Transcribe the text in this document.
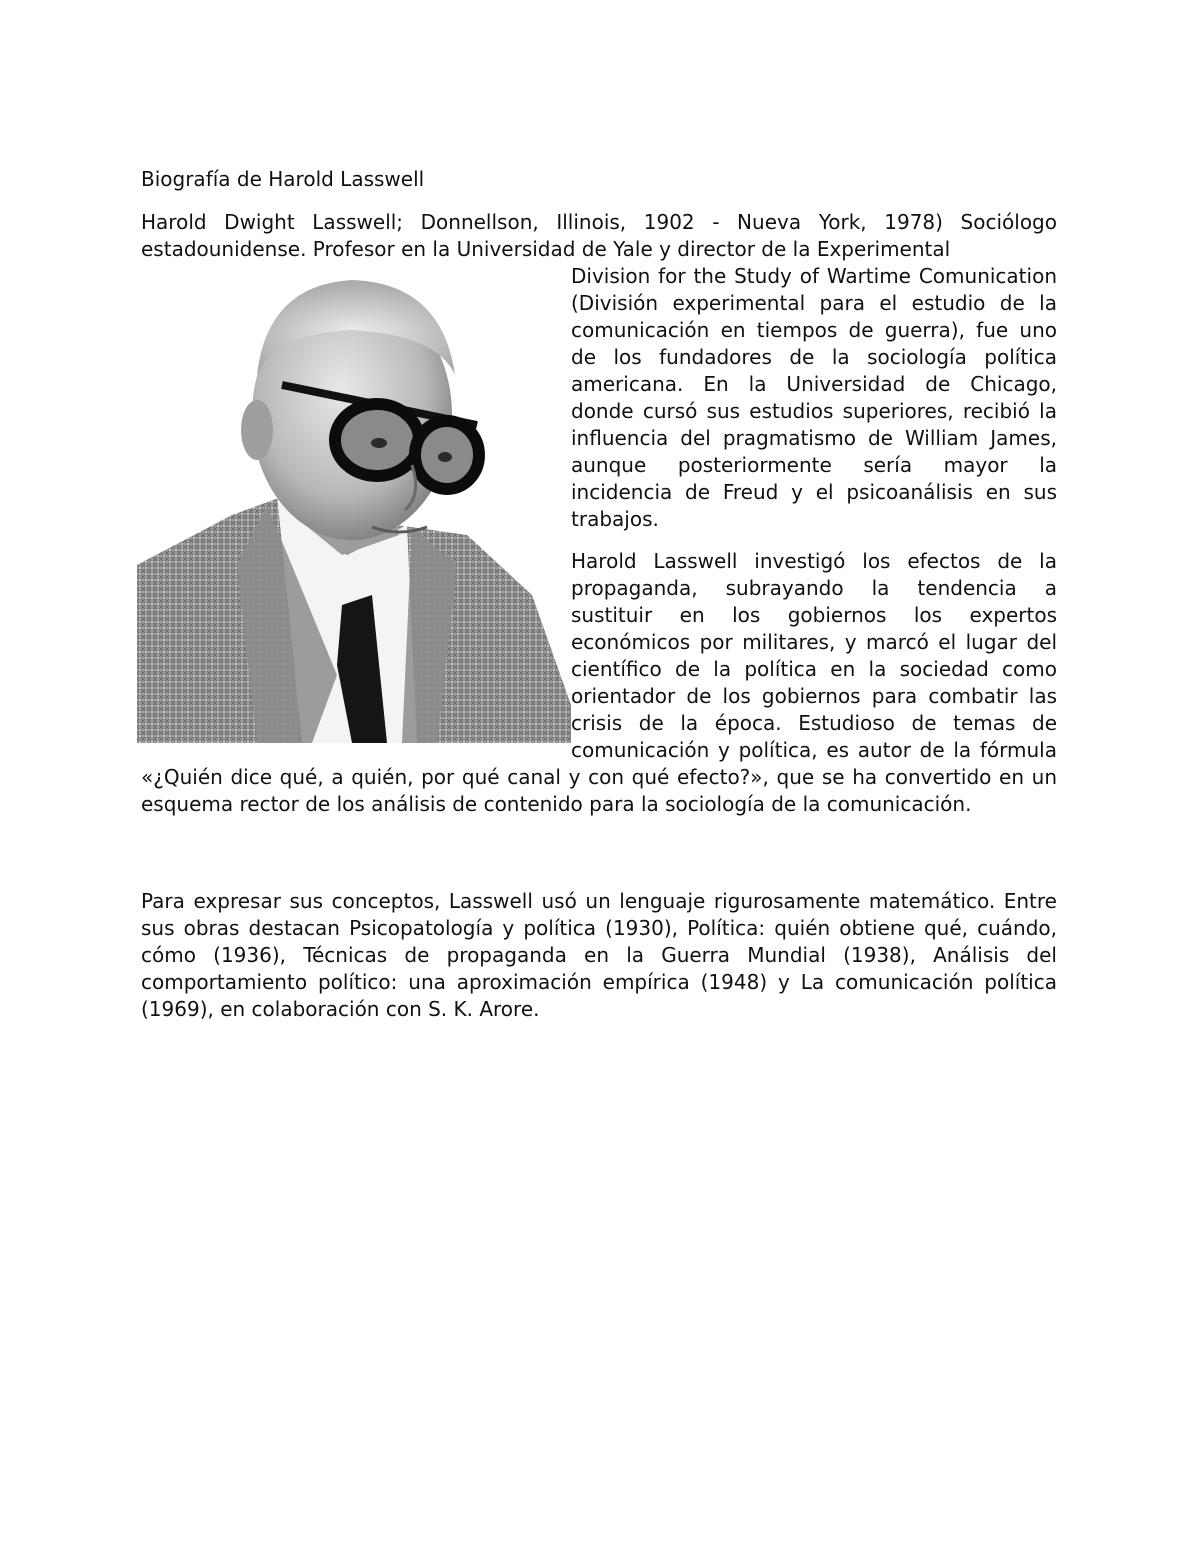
Biografía de Harold Lasswell
Harold Dwight Lasswell; Donnellson, Illinois, 1902 - Nueva York, 1978) Sociólogo estadounidense. Profesor en la Universidad de Yale y director de la Experimental
Division for the Study of Wartime Comunication (División experimental para el estudio de la comunicación en tiempos de guerra), fue uno de los fundadores de la sociología política americana. En la Universidad de Chicago, donde cursó sus estudios superiores, recibió la influencia del pragmatismo de William James, aunque posteriormente sería mayor la incidencia de Freud y el psicoanálisis en sus trabajos.
Harold Lasswell investigó los efectos de la propaganda, subrayando la tendencia a sustituir en los gobiernos los expertos económicos por militares, y marcó el lugar del científico de la política en la sociedad como orientador de los gobiernos para combatir las crisis de la época. Estudioso de temas de comunicación y política, es autor de la fórmula «¿Quién dice qué, a quién, por qué canal y con qué efecto?», que se ha convertido en un esquema rector de los análisis de contenido para la sociología de la comunicación.
Para expresar sus conceptos, Lasswell usó un lenguaje rigurosamente matemático. Entre sus obras destacan Psicopatología y política (1930), Política: quién obtiene qué, cuándo, cómo (1936), Técnicas de propaganda en la Guerra Mundial (1938), Análisis del comportamiento político: una aproximación empírica (1948) y La comunicación política (1969), en colaboración con S. K. Arore.
